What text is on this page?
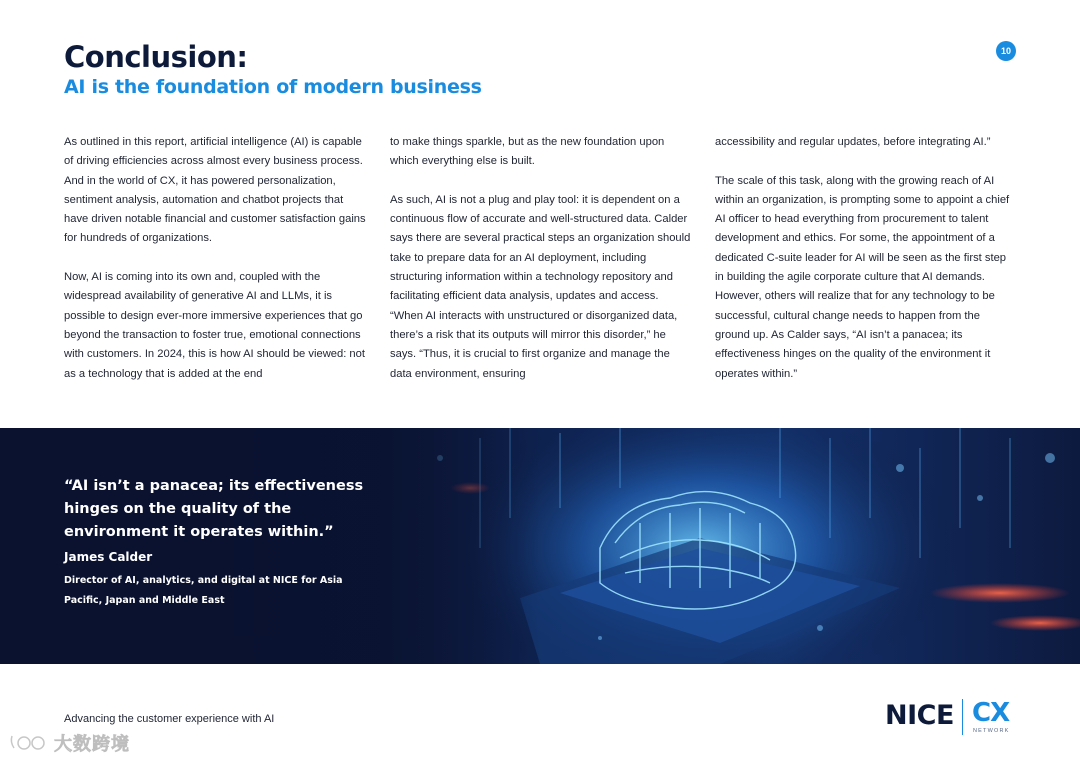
Conclusion:
AI is the foundation of modern business
10

As outlined in this report, artificial intelligence (AI) is capable of driving efficiencies across almost every business process. And in the world of CX, it has powered personalization, sentiment analysis, automation and chatbot projects that have driven notable financial and customer satisfaction gains for hundreds of organizations.

Now, AI is coming into its own and, coupled with the widespread availability of generative AI and LLMs, it is possible to design ever-more immersive experiences that go beyond the transaction to foster true, emotional connections with customers. In 2024, this is how AI should be viewed: not as a technology that is added at the end

to make things sparkle, but as the new foundation upon which everything else is built.

As such, AI is not a plug and play tool: it is dependent on a continuous flow of accurate and well-structured data. Calder says there are several practical steps an organization should take to prepare data for an AI deployment, including structuring information within a technology repository and facilitating efficient data analysis, updates and access. “When AI interacts with unstructured or disorganized data, there’s a risk that its outputs will mirror this disorder,” he says. “Thus, it is crucial to first organize and manage the data environment, ensuring

accessibility and regular updates, before integrating AI.”

The scale of this task, along with the growing reach of AI within an organization, is prompting some to appoint a chief AI officer to head everything from procurement to talent development and ethics. For some, the appointment of a dedicated C-suite leader for AI will be seen as the first step in building the agile corporate culture that AI demands. However, others will realize that for any technology to be successful, cultural change needs to happen from the ground up. As Calder says, “AI isn’t a panacea; its effectiveness hinges on the quality of the environment it operates within.”

“AI isn’t a panacea; its effectiveness hinges on the quality of the environment it operates within.”
James Calder
Director of AI, analytics, and digital at NICE for Asia Pacific, Japan and Middle East
Advancing the customer experience with AI	NICE CX
NETWORK
大数跨境
